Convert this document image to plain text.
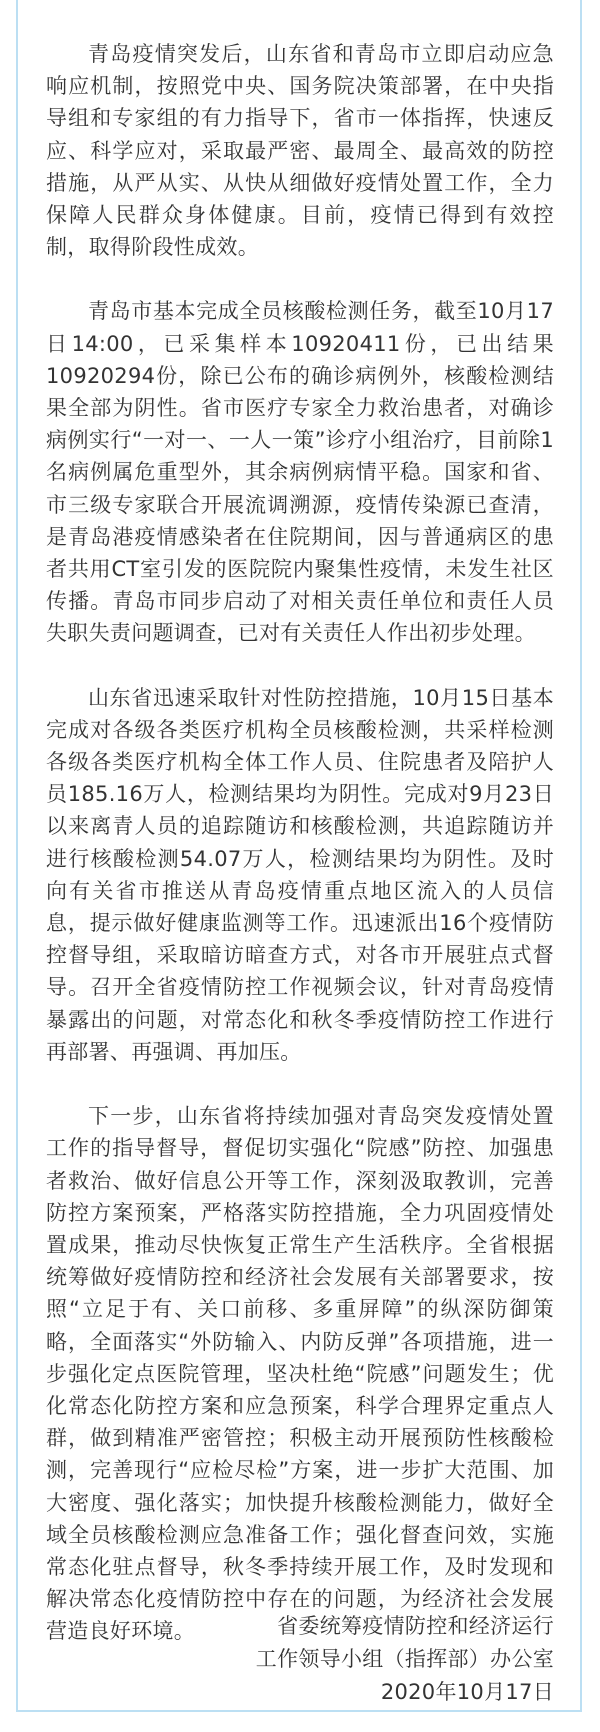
青岛疫情突发后，山东省和青岛市立即启动应急响应机制，按照党中央、国务院决策部署，在中央指导组和专家组的有力指导下，省市一体指挥，快速反应、科学应对，采取最严密、最周全、最高效的防控措施，从严从实、从快从细做好疫情处置工作，全力保障人民群众身体健康。目前，疫情已得到有效控制，取得阶段性成效。

青岛市基本完成全员核酸检测任务，截至10月17日14:00，已采集样本10920411份，已出结果10920294份，除已公布的确诊病例外，核酸检测结果全部为阴性。省市医疗专家全力救治患者，对确诊病例实行“一对一、一人一策”诊疗小组治疗，目前除1名病例属危重型外，其余病例病情平稳。国家和省、市三级专家联合开展流调溯源，疫情传染源已查清，是青岛港疫情感染者在住院期间，因与普通病区的患者共用CT室引发的医院院内聚集性疫情，未发生社区传播。青岛市同步启动了对相关责任单位和责任人员失职失责问题调查，已对有关责任人作出初步处理。

山东省迅速采取针对性防控措施，10月15日基本完成对各级各类医疗机构全员核酸检测，共采样检测各级各类医疗机构全体工作人员、住院患者及陪护人员185.16万人，检测结果均为阴性。完成对9月23日以来离青人员的追踪随访和核酸检测，共追踪随访并进行核酸检测54.07万人，检测结果均为阴性。及时向有关省市推送从青岛疫情重点地区流入的人员信息，提示做好健康监测等工作。迅速派出16个疫情防控督导组，采取暗访暗查方式，对各市开展驻点式督导。召开全省疫情防控工作视频会议，针对青岛疫情暴露出的问题，对常态化和秋冬季疫情防控工作进行再部署、再强调、再加压。

下一步，山东省将持续加强对青岛突发疫情处置工作的指导督导，督促切实强化“院感”防控、加强患者救治、做好信息公开等工作，深刻汲取教训，完善防控方案预案，严格落实防控措施，全力巩固疫情处置成果，推动尽快恢复正常生产生活秩序。全省根据统筹做好疫情防控和经济社会发展有关部署要求，按照“立足于有、关口前移、多重屏障”的纵深防御策略，全面落实“外防输入、内防反弹”各项措施，进一步强化定点医院管理，坚决杜绝“院感”问题发生；优化常态化防控方案和应急预案，科学合理界定重点人群，做到精准严密管控；积极主动开展预防性核酸检测，完善现行“应检尽检”方案，进一步扩大范围、加大密度、强化落实；加快提升核酸检测能力，做好全域全员核酸检测应急准备工作；强化督查问效，实施常态化驻点督导，秋冬季持续开展工作，及时发现和解决常态化疫情防控中存在的问题，为经济社会发展营造良好环境。	省委统筹疫情防控和经济运行
工作领导小组（指挥部）办公室
2020年10月17日
